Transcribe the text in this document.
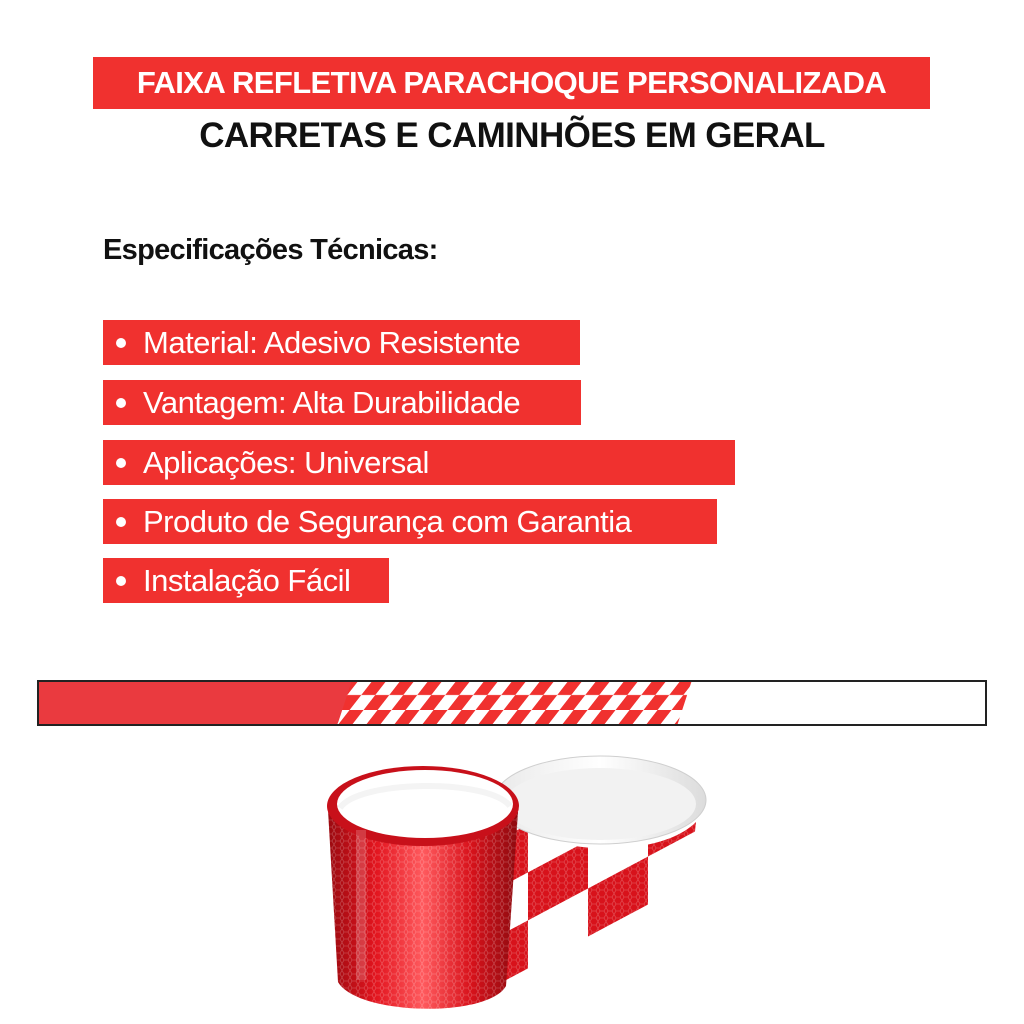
FAIXA REFLETIVA PARACHOQUE PERSONALIZADA
CARRETAS E CAMINHÕES EM GERAL
Especificações Técnicas:
Material: Adesivo Resistente
Vantagem: Alta Durabilidade
Aplicações: Universal
Produto de Segurança com Garantia
Instalação Fácil
